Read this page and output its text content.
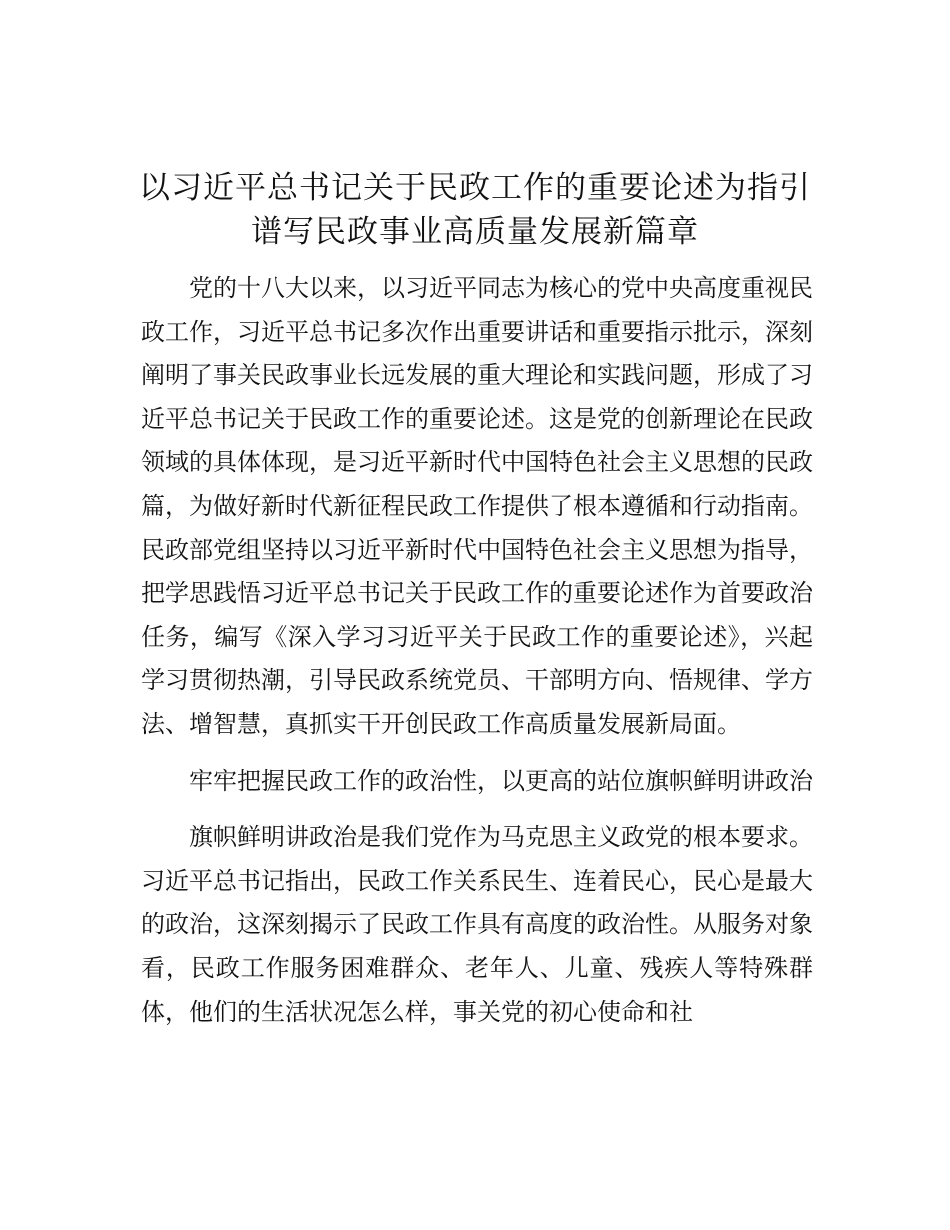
以习近平总书记关于民政工作的重要论述为指引谱写民政事业高质量发展新篇章

党的十八大以来，以习近平同志为核心的党中央高度重视民政工作，习近平总书记多次作出重要讲话和重要指示批示，深刻阐明了事关民政事业长远发展的重大理论和实践问题，形成了习近平总书记关于民政工作的重要论述。这是党的创新理论在民政领域的具体体现，是习近平新时代中国特色社会主义思想的民政篇，为做好新时代新征程民政工作提供了根本遵循和行动指南。民政部党组坚持以习近平新时代中国特色社会主义思想为指导，把学思践悟习近平总书记关于民政工作的重要论述作为首要政治任务，编写《深入学习习近平关于民政工作的重要论述》，兴起学习贯彻热潮，引导民政系统党员、干部明方向、悟规律、学方法、增智慧，真抓实干开创民政工作高质量发展新局面。

牢牢把握民政工作的政治性，以更高的站位旗帜鲜明讲政治

旗帜鲜明讲政治是我们党作为马克思主义政党的根本要求。习近平总书记指出，民政工作关系民生、连着民心，民心是最大的政治，这深刻揭示了民政工作具有高度的政治性。从服务对象看，民政工作服务困难群众、老年人、儿童、残疾人等特殊群体，他们的生活状况怎么样，事关党的初心使命和社
